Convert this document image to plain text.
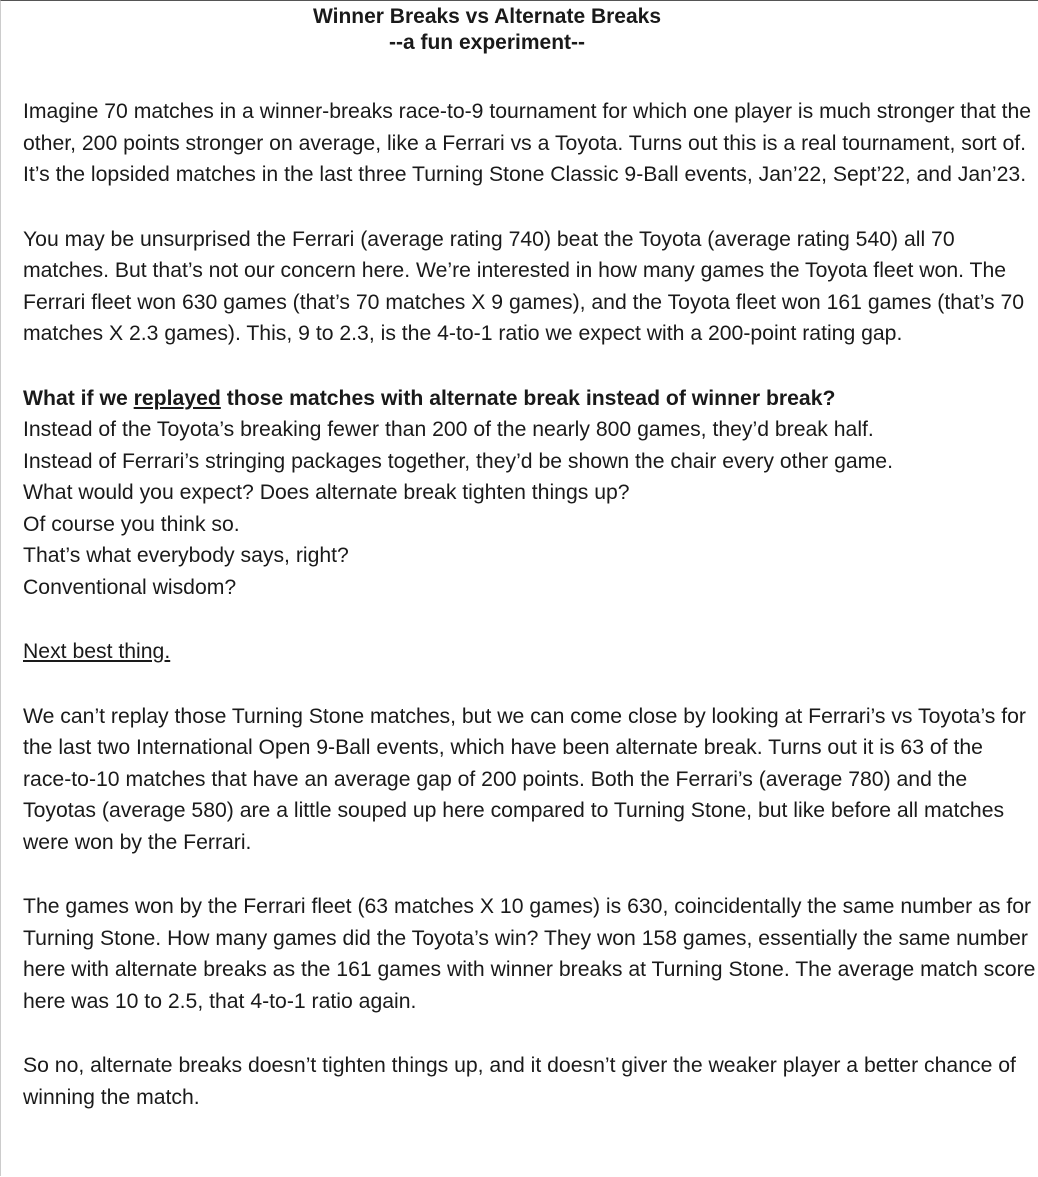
Winner Breaks vs Alternate Breaks
--a fun experiment--

Imagine 70 matches in a winner-breaks race-to-9 tournament for which one player is much stronger that the other, 200 points stronger on average, like a Ferrari vs a Toyota. Turns out this is a real tournament, sort of. It’s the lopsided matches in the last three Turning Stone Classic 9-Ball events, Jan’22, Sept’22, and Jan’23.

You may be unsurprised the Ferrari (average rating 740) beat the Toyota (average rating 540) all 70 matches. But that’s not our concern here. We’re interested in how many games the Toyota fleet won. The Ferrari fleet won 630 games (that’s 70 matches X 9 games), and the Toyota fleet won 161 games (that’s 70 matches X 2.3 games). This, 9 to 2.3, is the 4-to-1 ratio we expect with a 200-point rating gap.

What if we replayed those matches with alternate break instead of winner break?
Instead of the Toyota’s breaking fewer than 200 of the nearly 800 games, they’d break half.
Instead of Ferrari’s stringing packages together, they’d be shown the chair every other game.
What would you expect? Does alternate break tighten things up?
Of course you think so.
That’s what everybody says, right?
Conventional wisdom?

Next best thing.

We can’t replay those Turning Stone matches, but we can come close by looking at Ferrari’s vs Toyota’s for the last two International Open 9-Ball events, which have been alternate break. Turns out it is 63 of the race-to-10 matches that have an average gap of 200 points. Both the Ferrari’s (average 780) and the Toyotas (average 580) are a little souped up here compared to Turning Stone, but like before all matches were won by the Ferrari.

The games won by the Ferrari fleet (63 matches X 10 games) is 630, coincidentally the same number as for Turning Stone. How many games did the Toyota’s win? They won 158 games, essentially the same number here with alternate breaks as the 161 games with winner breaks at Turning Stone. The average match score here was 10 to 2.5, that 4-to-1 ratio again.

So no, alternate breaks doesn’t tighten things up, and it doesn’t giver the weaker player a better chance of winning the match.
